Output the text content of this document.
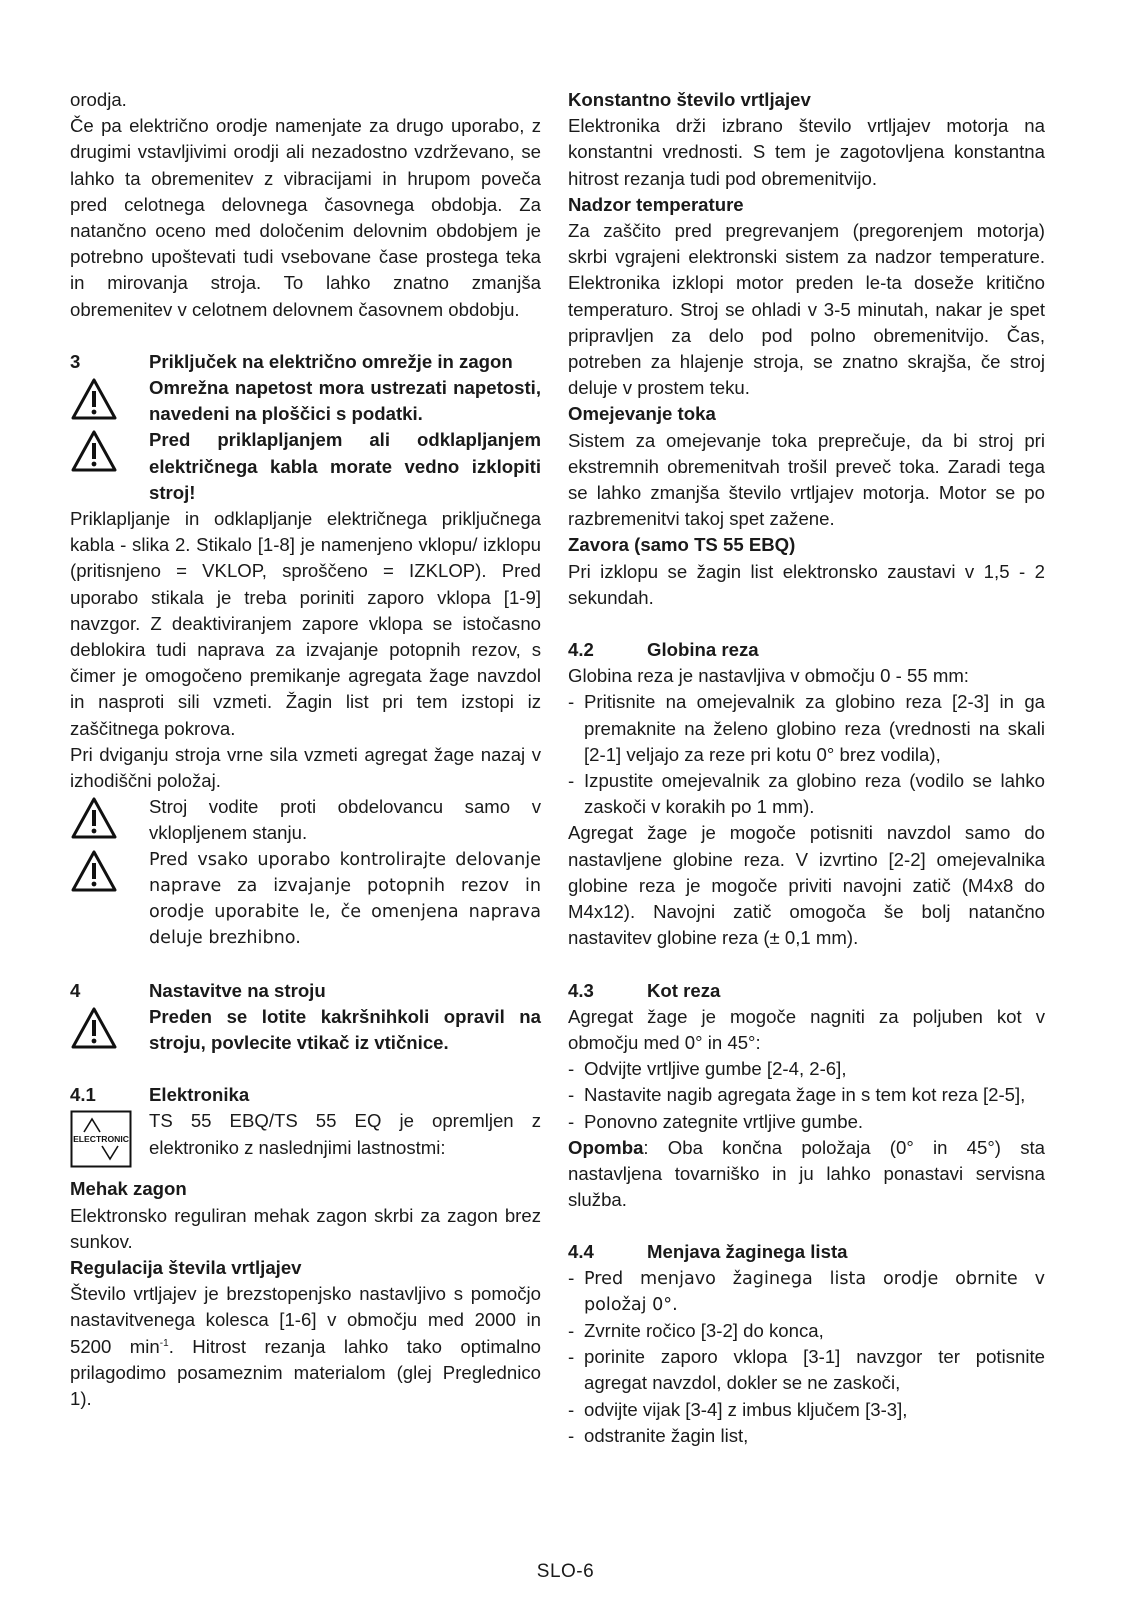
orodja.

Če pa električno orodje namenjate za drugo uporabo, z drugimi vstavljivimi orodji ali nezadostno vzdrževano, se lahko ta obremenitev z vibracijami in hrupom poveča pred celotnega delovnega časovnega obdobja. Za natančno oceno med določenim delovnim obdobjem je potrebno upoštevati tudi vsebovane čase prostega teka in mirovanja stroja. To lahko znatno zmanjša obremenitev v celotnem delovnem časovnem obdobju.

3	Priključek na električno omrežje in zagon
Omrežna napetost mora ustrezati napetosti, navedeni na ploščici s podatki.
Pred priklapljanjem ali odklapljanjem električnega kabla morate vedno izklopiti stroj!

Priklapljanje in odklapljanje električnega priključnega kabla - slika 2. Stikalo [1-8] je namenjeno vklopu/ izklopu (pritisnjeno = VKLOP, sproščeno = IZKLOP). Pred uporabo stikala je treba poriniti zaporo vklopa [1-9] navzgor. Z deaktiviranjem zapore vklopa se istočasno deblokira tudi naprava za izvajanje potopnih rezov, s čimer je omogočeno premikanje agregata žage navzdol in nasproti sili vzmeti. Žagin list pri tem izstopi iz zaščitnega pokrova.

Pri dviganju stroja vrne sila vzmeti agregat žage nazaj v izhodiščni položaj.

Stroj vodite proti obdelovancu samo v vklopljenem stanju.
Pred vsako uporabo kontrolirajte delovanje naprave za izvajanje potopnih rezov in orodje uporabite le, če omenjena naprava deluje brezhibno.
4	Nastavitve na stroju
Preden se lotite kakršnihkoli opravil na stroju, povlecite vtikač iz vtičnice.
4.1	Elektronika
ELECTRONIC
TS 55 EBQ/TS 55 EQ je opremljen z elektroniko z naslednjimi lastnostmi:

Mehak zagon

Elektronsko reguliran mehak zagon skrbi za zagon brez sunkov.

Regulacija števila vrtljajev

Število vrtljajev je brezstopenjsko nastavljivo s pomočjo nastavitvenega kolesca [1-6] v območju med 2000 in 5200 $\min^{-1}$. Hitrost rezanja lahko tako optimalno prilagodimo posameznim materialom (glej Preglednico 1).

Konstantno število vrtljajev

Elektronika drži izbrano število vrtljajev motorja na konstantni vrednosti. S tem je zagotovljena konstantna hitrost rezanja tudi pod obremenitvijo.

Nadzor temperature

Za zaščito pred pregrevanjem (pregorenjem motorja) skrbi vgrajeni elektronski sistem za nadzor temperature. Elektronika izklopi motor preden le-ta doseže kritično temperaturo. Stroj se ohladi v 3-5 minutah, nakar je spet pripravljen za delo pod polno obremenitvijo. Čas, potreben za hlajenje stroja, se znatno skrajša, če stroj deluje v prostem teku.

Omejevanje toka

Sistem za omejevanje toka preprečuje, da bi stroj pri ekstremnih obremenitvah trošil preveč toka. Zaradi tega se lahko zmanjša število vrtljajev motorja. Motor se po razbremenitvi takoj spet zažene.

Zavora (samo TS 55 EBQ)

Pri izklopu se žagin list elektronsko zaustavi v 1,5 - 2 sekundah.

4.2	Globina reza

Globina reza je nastavljiva v območju 0 - 55 mm:

- Pritisnite na omejevalnik za globino reza [2-3] in ga premaknite na želeno globino reza (vrednosti na skali [2-1] veljajo za reze pri kotu 0° brez vodila),
- Izpustite omejevalnik za globino reza (vodilo se lahko zaskoči v korakih po 1 mm).

Agregat žage je mogoče potisniti navzdol samo do nastavljene globine reza. V izvrtino [2-2] omejevalnika globine reza je mogoče priviti navojni zatič (M4x8 do M4x12). Navojni zatič omogoča še bolj natančno nastavitev globine reza (± 0,1 mm).

4.3	Kot reza

Agregat žage je mogoče nagniti za poljuben kot v območju med 0° in 45°:

- Odvijte vrtljive gumbe [2-4, 2-6],
- Nastavite nagib agregata žage in s tem kot reza [2-5],
- Ponovno zategnite vrtljive gumbe.

Opomba: Oba končna položaja (0° in 45°) sta nastavljena tovarniško in ju lahko ponastavi servisna služba.

4.4	Menjava žaginega lista
- Pred menjavo žaginega lista orodje obrnite v položaj 0°.
- Zvrnite ročico [3-2] do konca,
- porinite zaporo vklopa [3-1] navzgor ter potisnite agregat navzdol, dokler se ne zaskoči,
- odvijte vijak [3-4] z imbus ključem [3-3],
- odstranite žagin list,
SLO-6
